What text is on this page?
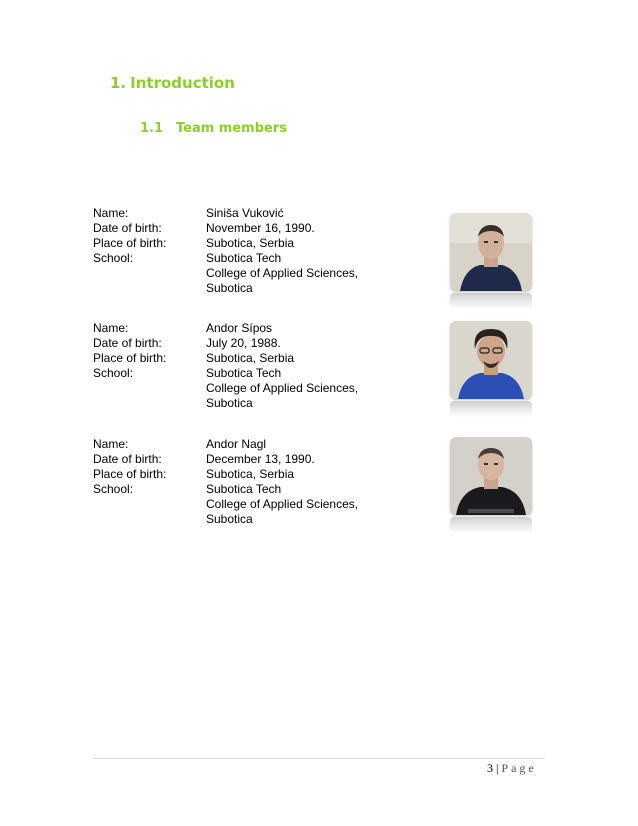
1. Introduction
1.1 Team members
Name:	Siniša Vuković
Date of birth:	November 16, 1990.
Place of birth:	Subotica, Serbia
School:	Subotica Tech
College of Applied Sciences,
Subotica
Name:	Andor Sípos
Date of birth:	July 20, 1988.
Place of birth:	Subotica, Serbia
School:	Subotica Tech
College of Applied Sciences,
Subotica
Name:	Andor Nagl
Date of birth:	December 13, 1990.
Place of birth:	Subotica, Serbia
School:	Subotica Tech
College of Applied Sciences,
Subotica
3 | Page
